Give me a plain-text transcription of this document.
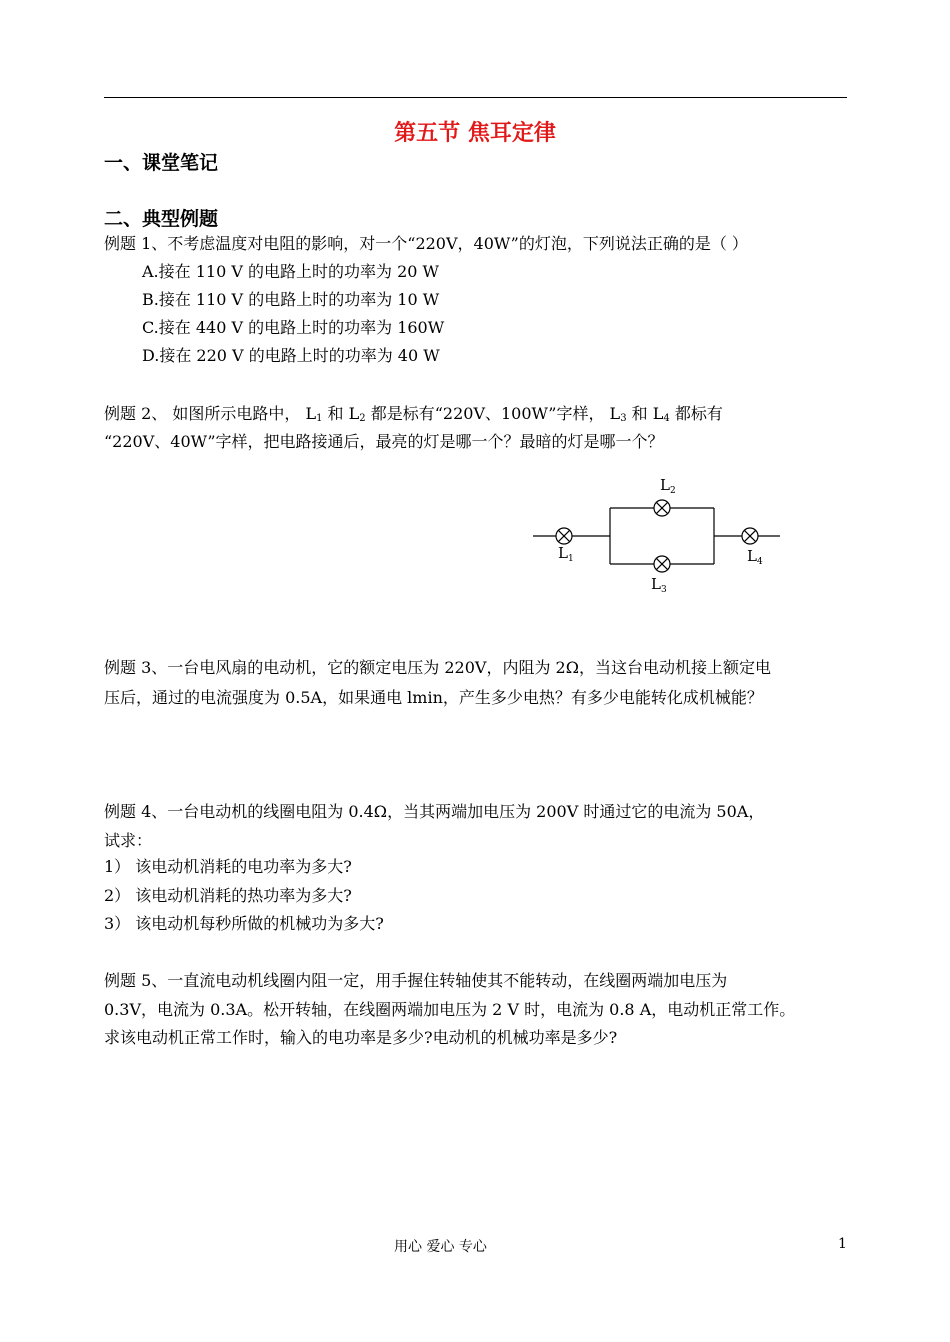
第五节 焦耳定律
一、课堂笔记
二、典型例题
例题 1、不考虑温度对电阻的影响，对一个“220V，40W”的灯泡，下列说法正确的是（ ）
A.接在 110 V 的电路上时的功率为 20 W
B.接在 110 V 的电路上时的功率为 10 W
C.接在 440 V 的电路上时的功率为 160W
D.接在 220 V 的电路上时的功率为 40 W
例题 2、 如图所示电路中， $L_1$ 和 $L_2$ 都是标有“220V、100W”字样， $L_3$ 和 $L_4$ 都标有
“220V、40W”字样，把电路接通后，最亮的灯是哪一个？最暗的灯是哪一个？
$L_1$
$L_2$
$L_3$
$L_4$
例题 3、一台电风扇的电动机，它的额定电压为 220V，内阻为 2Ω，当这台电动机接上额定电
压后，通过的电流强度为 0.5A，如果通电 lmin，产生多少电热？有多少电能转化成机械能？
例题 4、一台电动机的线圈电阻为 0.4Ω，当其两端加电压为 200V 时通过它的电流为 50A，
试求：
1） 该电动机消耗的电功率为多大?
2） 该电动机消耗的热功率为多大?
3） 该电动机每秒所做的机械功为多大?
例题 5、一直流电动机线圈内阻一定，用手握住转轴使其不能转动，在线圈两端加电压为
0.3V，电流为 0.3A。松开转轴，在线圈两端加电压为 2 V 时，电流为 0.8 A，电动机正常工作。
求该电动机正常工作时，输入的电功率是多少?电动机的机械功率是多少?
用心 爱心 专心	1
